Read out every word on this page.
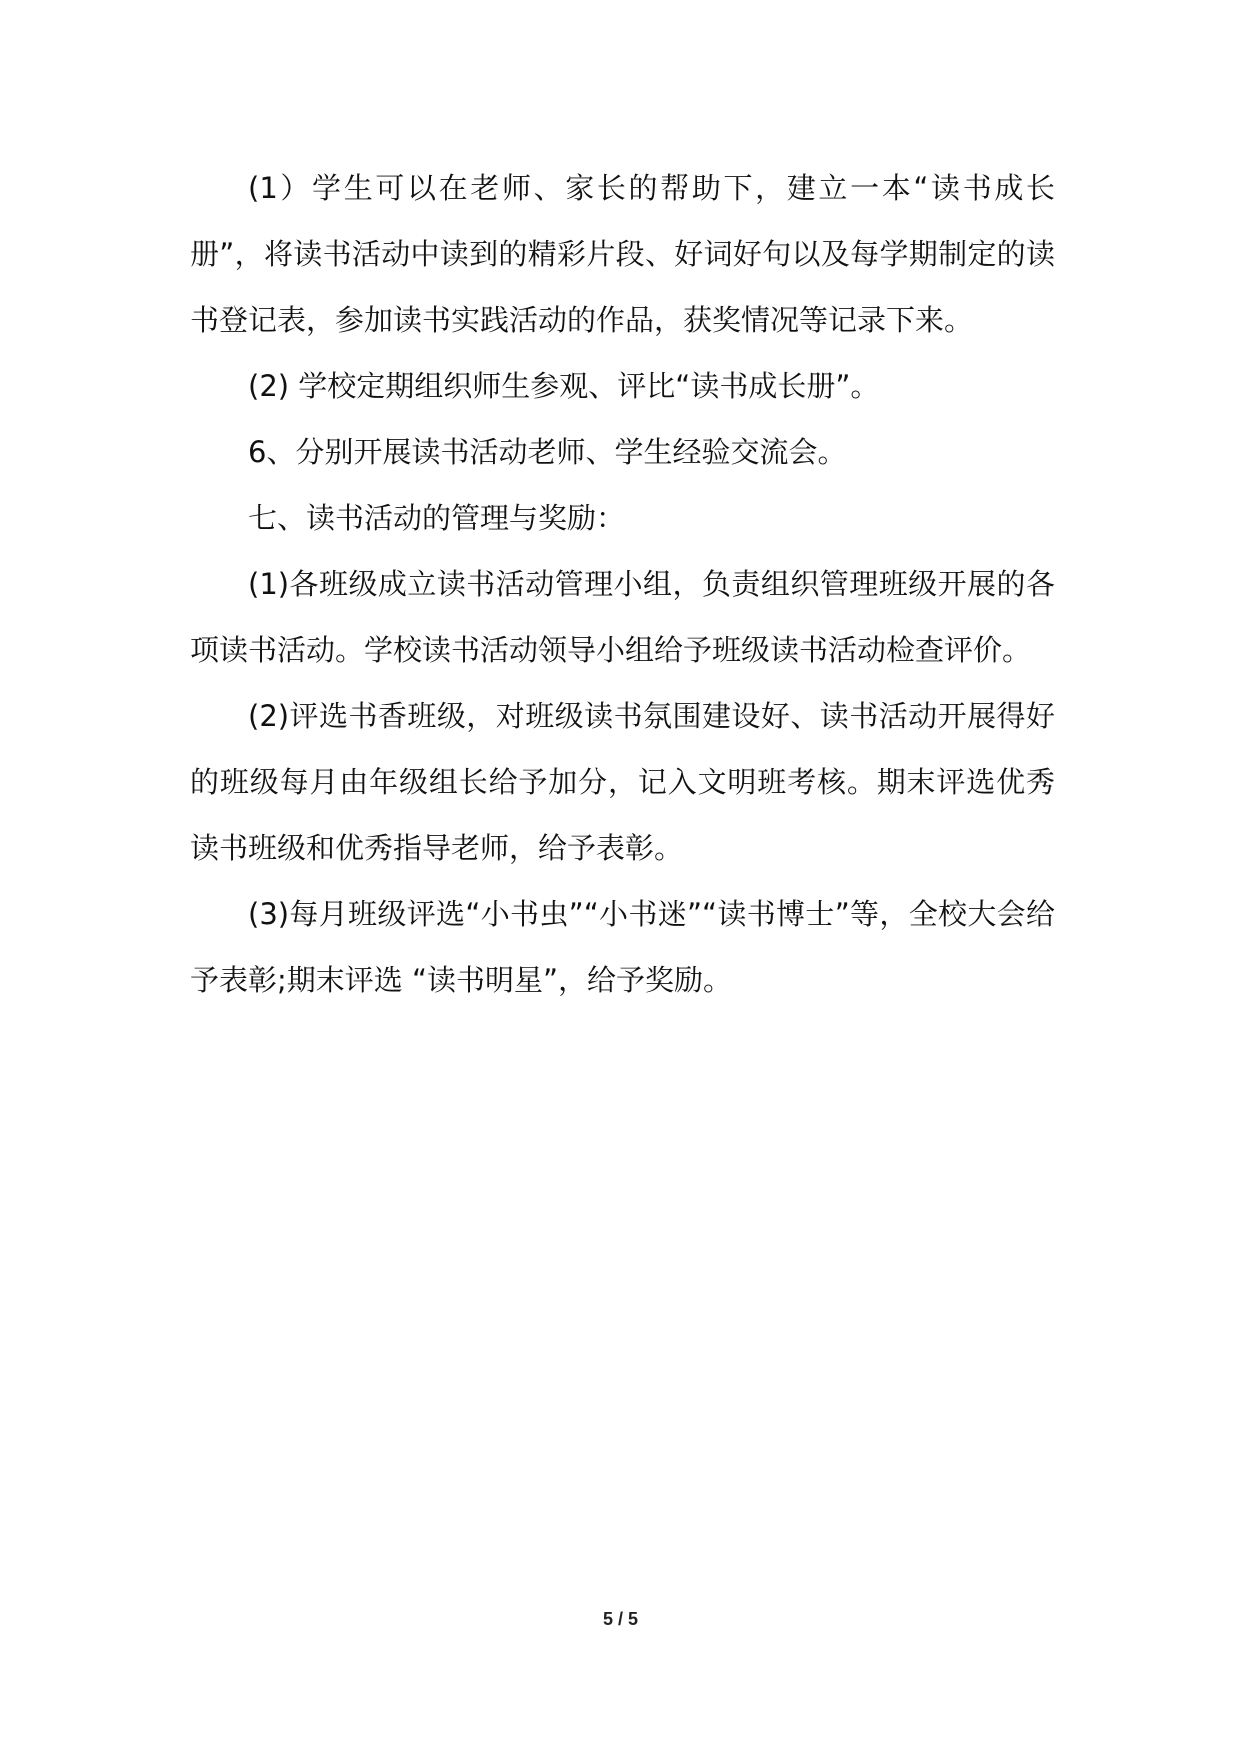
(1）学生可以在老师、家长的帮助下，建立一本“读书成长册”，将读书活动中读到的精彩片段、好词好句以及每学期制定的读书登记表，参加读书实践活动的作品，获奖情况等记录下来。

(2) 学校定期组织师生参观、评比“读书成长册”。

6、分别开展读书活动老师、学生经验交流会。

七、读书活动的管理与奖励：

(1)各班级成立读书活动管理小组，负责组织管理班级开展的各项读书活动。学校读书活动领导小组给予班级读书活动检查评价。

(2)评选书香班级，对班级读书氛围建设好、读书活动开展得好的班级每月由年级组长给予加分，记入文明班考核。期末评选优秀读书班级和优秀指导老师，给予表彰。

(3)每月班级评选“小书虫”“小书迷”“读书博士”等，全校大会给予表彰;期末评选 “读书明星”，给予奖励。

5 / 5
